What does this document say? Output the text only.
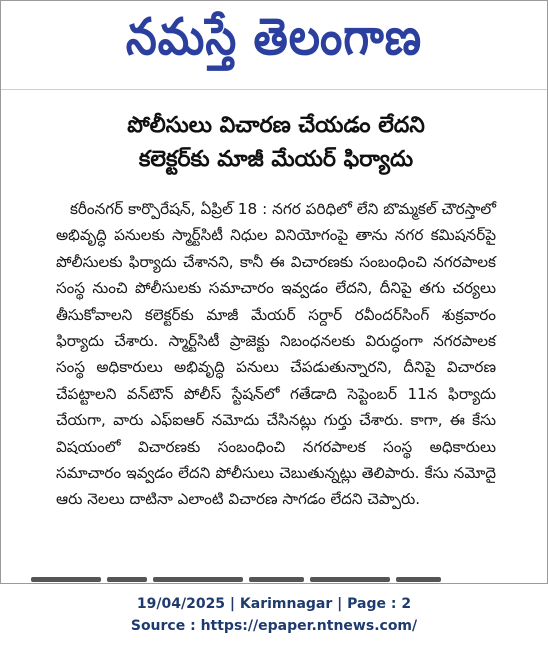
నమస్తే తెలంగాణ
పోలీసులు విచారణ చేయడం లేదని
కలెక్టర్‌కు మాజీ మేయర్ ఫిర్యాదు

కరీంనగర్ కార్పొరేషన్, ఏప్రిల్ 18 : నగర పరిధిలో లేని బొమ్మకల్ చౌరస్తాలో అభివృద్ధి పనులకు స్మార్ట్‌సిటీ నిధుల వినియోగంపై తాను నగర కమిషనర్‌పై పోలీసులకు ఫిర్యాదు చేశానని, కానీ ఈ విచారణకు సంబంధించి నగరపాలక సంస్థ నుంచి పోలీసులకు సమాచారం ఇవ్వడం లేదని, దీనిపై తగు చర్యలు తీసుకోవాలని కలెక్టర్‌కు మాజీ మేయర్ సర్దార్ రవీందర్‌సింగ్ శుక్రవారం ఫిర్యాదు చేశారు. స్మార్ట్‌సిటీ ప్రాజెక్టు నిబంధనలకు విరుద్ధంగా నగరపాలక సంస్థ అధికారులు అభివృద్ధి పనులు చేపడుతున్నారని, దీనిపై విచారణ చేపట్టాలని వన్‌టౌన్ పోలీస్ స్టేషన్‌లో గతేడాది సెప్టెంబర్ 11న ఫిర్యాదు చేయగా, వారు ఎఫ్ఐఆర్ నమోదు చేసినట్లు గుర్తు చేశారు. కాగా, ఈ కేసు విషయంలో విచారణకు సంబంధించి నగరపాలక సంస్థ అధికారులు సమాచారం ఇవ్వడం లేదని పోలీసులు చెబుతున్నట్లు తెలిపారు. కేసు నమోదై ఆరు నెలలు దాటినా ఎలాంటి విచారణ సాగడం లేదని చెప్పారు.

19/04/2025 | Karimnagar | Page : 2
Source : https://epaper.ntnews.com/
